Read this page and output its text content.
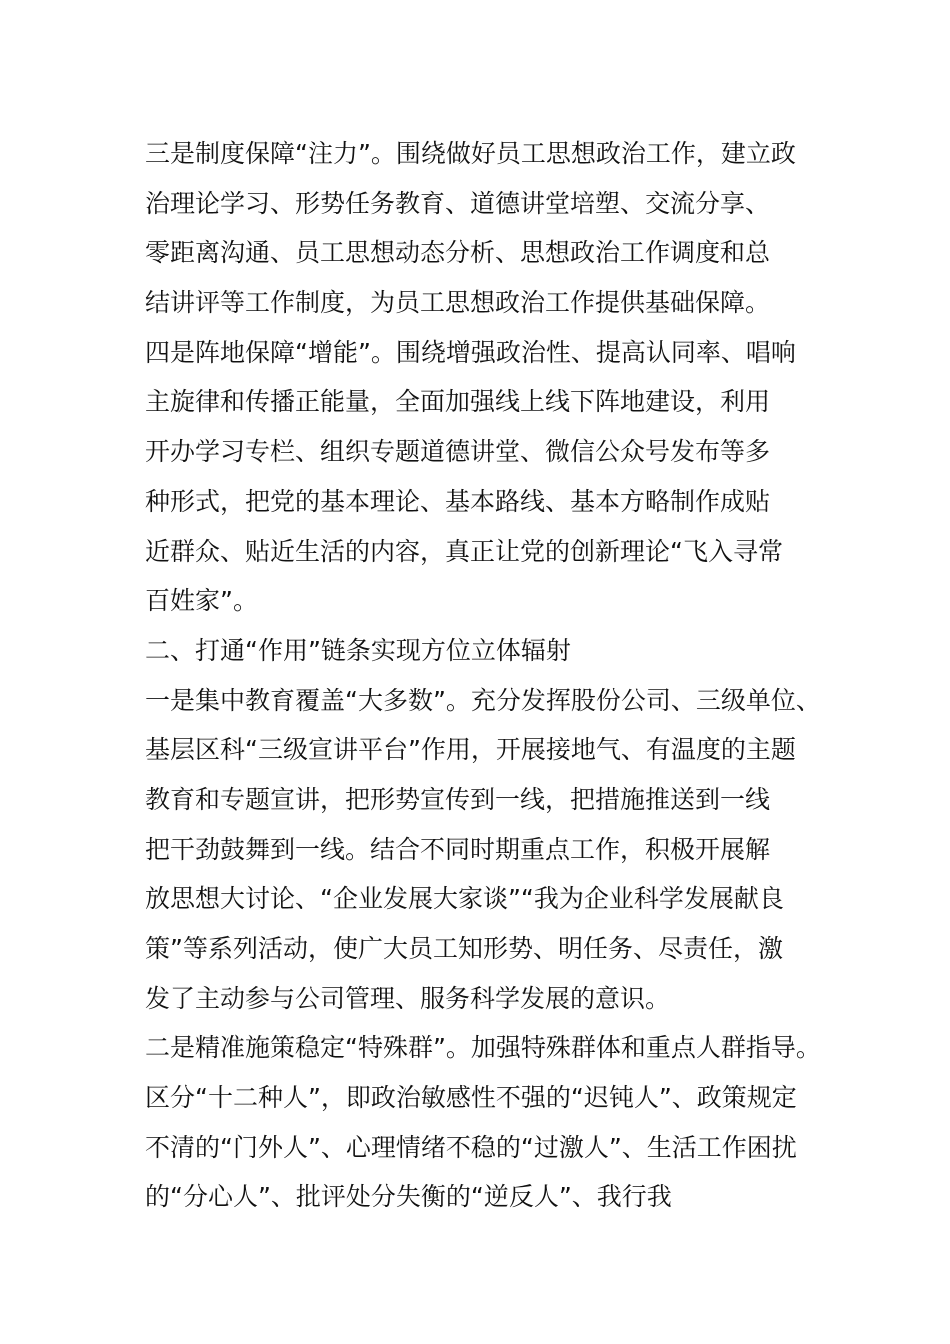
三是制度保障“注力”。围绕做好员工思想政治工作，建立政
治理论学习、形势任务教育、道德讲堂培塑、交流分享、
零距离沟通、员工思想动态分析、思想政治工作调度和总
结讲评等工作制度，为员工思想政治工作提供基础保障。
四是阵地保障“增能”。围绕增强政治性、提高认同率、唱响
主旋律和传播正能量，全面加强线上线下阵地建设，利用
开办学习专栏、组织专题道德讲堂、微信公众号发布等多
种形式，把党的基本理论、基本路线、基本方略制作成贴
近群众、贴近生活的内容，真正让党的创新理论“飞入寻常
百姓家”。
二、打通“作用”链条实现方位立体辐射
一是集中教育覆盖“大多数”。充分发挥股份公司、三级单位、
基层区科“三级宣讲平台”作用，开展接地气、有温度的主题
教育和专题宣讲，把形势宣传到一线，把措施推送到一线
把干劲鼓舞到一线。结合不同时期重点工作，积极开展解
放思想大讨论、“企业发展大家谈”“我为企业科学发展献良
策”等系列活动，使广大员工知形势、明任务、尽责任，激
发了主动参与公司管理、服务科学发展的意识。
二是精准施策稳定“特殊群”。加强特殊群体和重点人群指导。
区分“十二种人”，即政治敏感性不强的“迟钝人”、政策规定
不清的“门外人”、心理情绪不稳的“过激人”、生活工作困扰
的“分心人”、批评处分失衡的“逆反人”、我行我
